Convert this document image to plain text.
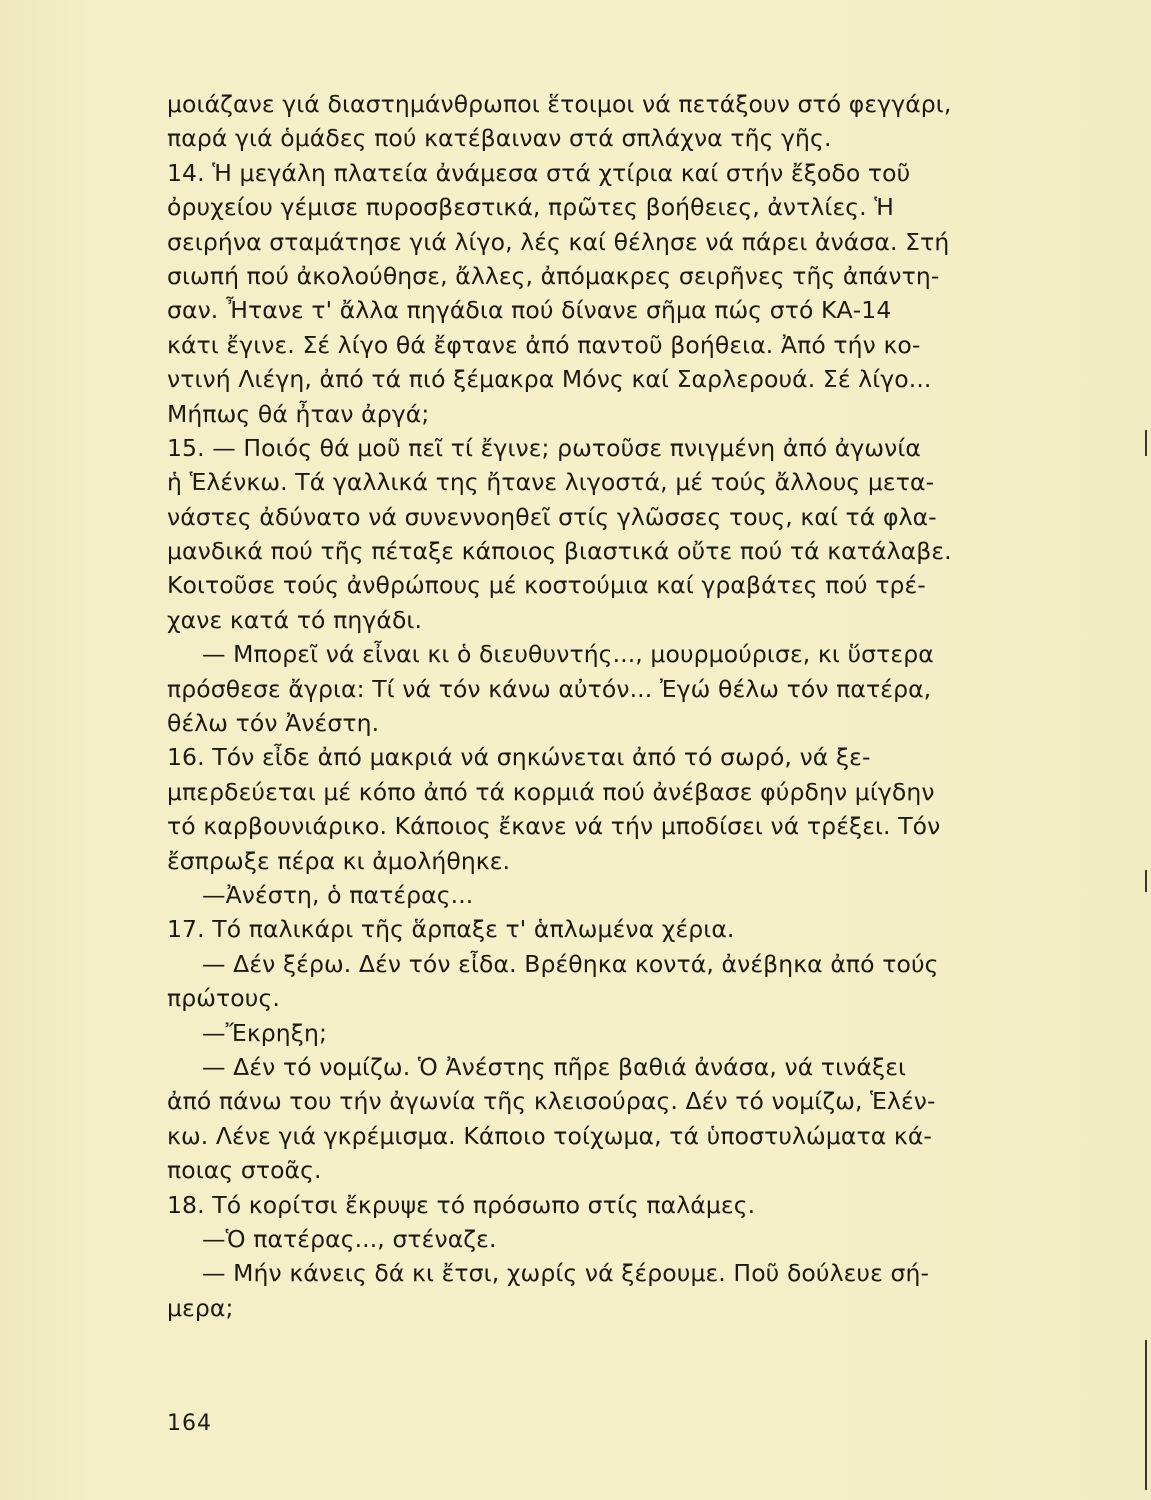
μοιάζανε γιά διαστημάνθρωποι ἕτοιμοι νά πετάξουν στό φεγγάρι,
παρά γιά ὁμάδες πού κατέβαιναν στά σπλάχνα τῆς γῆς.
14. Ἡ μεγάλη πλατεία ἀνάμεσα στά χτίρια καί στήν ἔξοδο τοῦ
ὀρυχείου γέμισε πυροσβεστικά, πρῶτες βοήθειες, ἀντλίες. Ἡ
σειρήνα σταμάτησε γιά λίγο, λές καί θέλησε νά πάρει ἀνάσα. Στή
σιωπή πού ἀκολούθησε, ἄλλες, ἀπόμακρες σειρῆνες τῆς ἀπάντη-
σαν. Ἦτανε τ' ἄλλα πηγάδια πού δίνανε σῆμα πώς στό ΚΑ-14
κάτι ἔγινε. Σέ λίγο θά ἔφτανε ἀπό παντοῦ βοήθεια. Ἀπό τήν κο-
ντινή Λιέγη, ἀπό τά πιό ξέμακρα Μόνς καί Σαρλερουά. Σέ λίγο...
Μήπως θά ἦταν ἀργά;
15. — Ποιός θά μοῦ πεῖ τί ἔγινε; ρωτοῦσε πνιγμένη ἀπό ἀγωνία
ἡ Ἑλένκω. Τά γαλλικά της ἤτανε λιγοστά, μέ τούς ἄλλους μετα-
νάστες ἀδύνατο νά συνεννοηθεῖ στίς γλῶσσες τους, καί τά φλα-
μανδικά πού τῆς πέταξε κάποιος βιαστικά οὔτε πού τά κατάλαβε.
Κοιτοῦσε τούς ἀνθρώπους μέ κοστούμια καί γραβάτες πού τρέ-
χανε κατά τό πηγάδι.
— Μπορεῖ νά εἶναι κι ὁ διευθυντής..., μουρμούρισε, κι ὕστερα
πρόσθεσε ἄγρια: Τί νά τόν κάνω αὐτόν... Ἐγώ θέλω τόν πατέρα,
θέλω τόν Ἀνέστη.
16. Τόν εἶδε ἀπό μακριά νά σηκώνεται ἀπό τό σωρό, νά ξε-
μπερδεύεται μέ κόπο ἀπό τά κορμιά πού ἀνέβασε φύρδην μίγδην
τό καρβουνιάρικο. Κάποιος ἔκανε νά τήν μποδίσει νά τρέξει. Τόν
ἔσπρωξε πέρα κι ἀμολήθηκε.
—Ἀνέστη, ὁ πατέρας...
17. Τό παλικάρι τῆς ἅρπαξε τ' ἁπλωμένα χέρια.
— Δέν ξέρω. Δέν τόν εἶδα. Βρέθηκα κοντά, ἀνέβηκα ἀπό τούς
πρώτους.
—Ἔκρηξη;
— Δέν τό νομίζω. Ὁ Ἀνέστης πῆρε βαθιά ἀνάσα, νά τινάξει
ἀπό πάνω του τήν ἀγωνία τῆς κλεισούρας. Δέν τό νομίζω, Ἑλέν-
κω. Λένε γιά γκρέμισμα. Κάποιο τοίχωμα, τά ὑποστυλώματα κά-
ποιας στοᾶς.
18. Τό κορίτσι ἔκρυψε τό πρόσωπο στίς παλάμες.
—Ὁ πατέρας..., στέναζε.
— Μήν κάνεις δά κι ἔτσι, χωρίς νά ξέρουμε. Ποῦ δούλευε σή-
μερα;
164
